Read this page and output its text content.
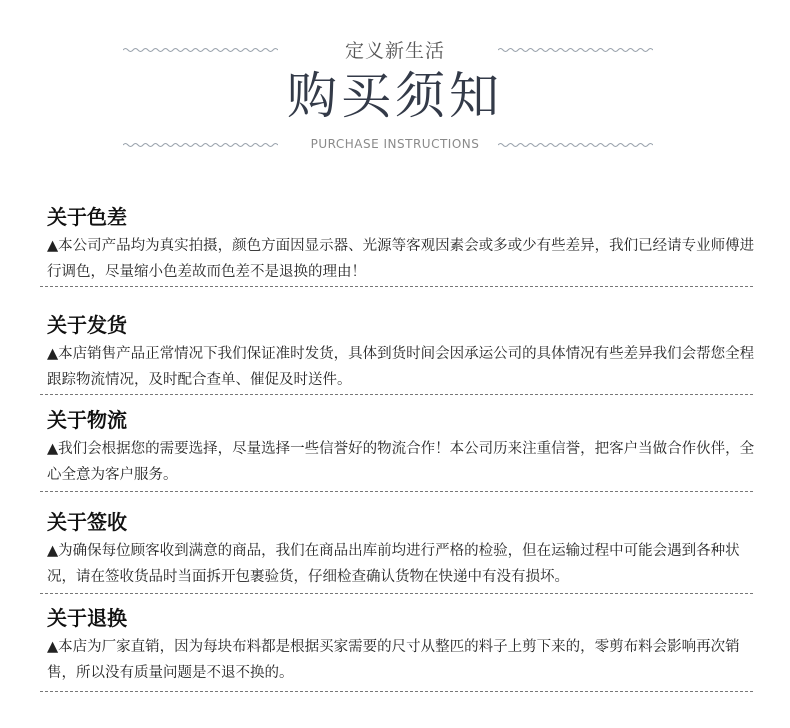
定义新生活
购买须知
PURCHASE INSTRUCTIONS

关于色差

▲本公司产品均为真实拍摄，颜色方面因显示器、光源等客观因素会或多或少有些差异，我们已经请专业师傅进行调色，尽量缩小色差故而色差不是退换的理由！

关于发货

▲本店销售产品正常情况下我们保证准时发货，具体到货时间会因承运公司的具体情况有些差异我们会帮您全程跟踪物流情况，及时配合查单、催促及时送件。

关于物流

▲我们会根据您的需要选择，尽量选择一些信誉好的物流合作！本公司历来注重信誉，把客户当做合作伙伴，全心全意为客户服务。

关于签收

▲为确保每位顾客收到满意的商品，我们在商品出库前均进行严格的检验，但在运输过程中可能会遇到各种状况，请在签收货品时当面拆开包裹验货，仔细检查确认货物在快递中有没有损坏。

关于退换

▲本店为厂家直销，因为每块布料都是根据买家需要的尺寸从整匹的料子上剪下来的，零剪布料会影响再次销售，所以没有质量问题是不退不换的。
